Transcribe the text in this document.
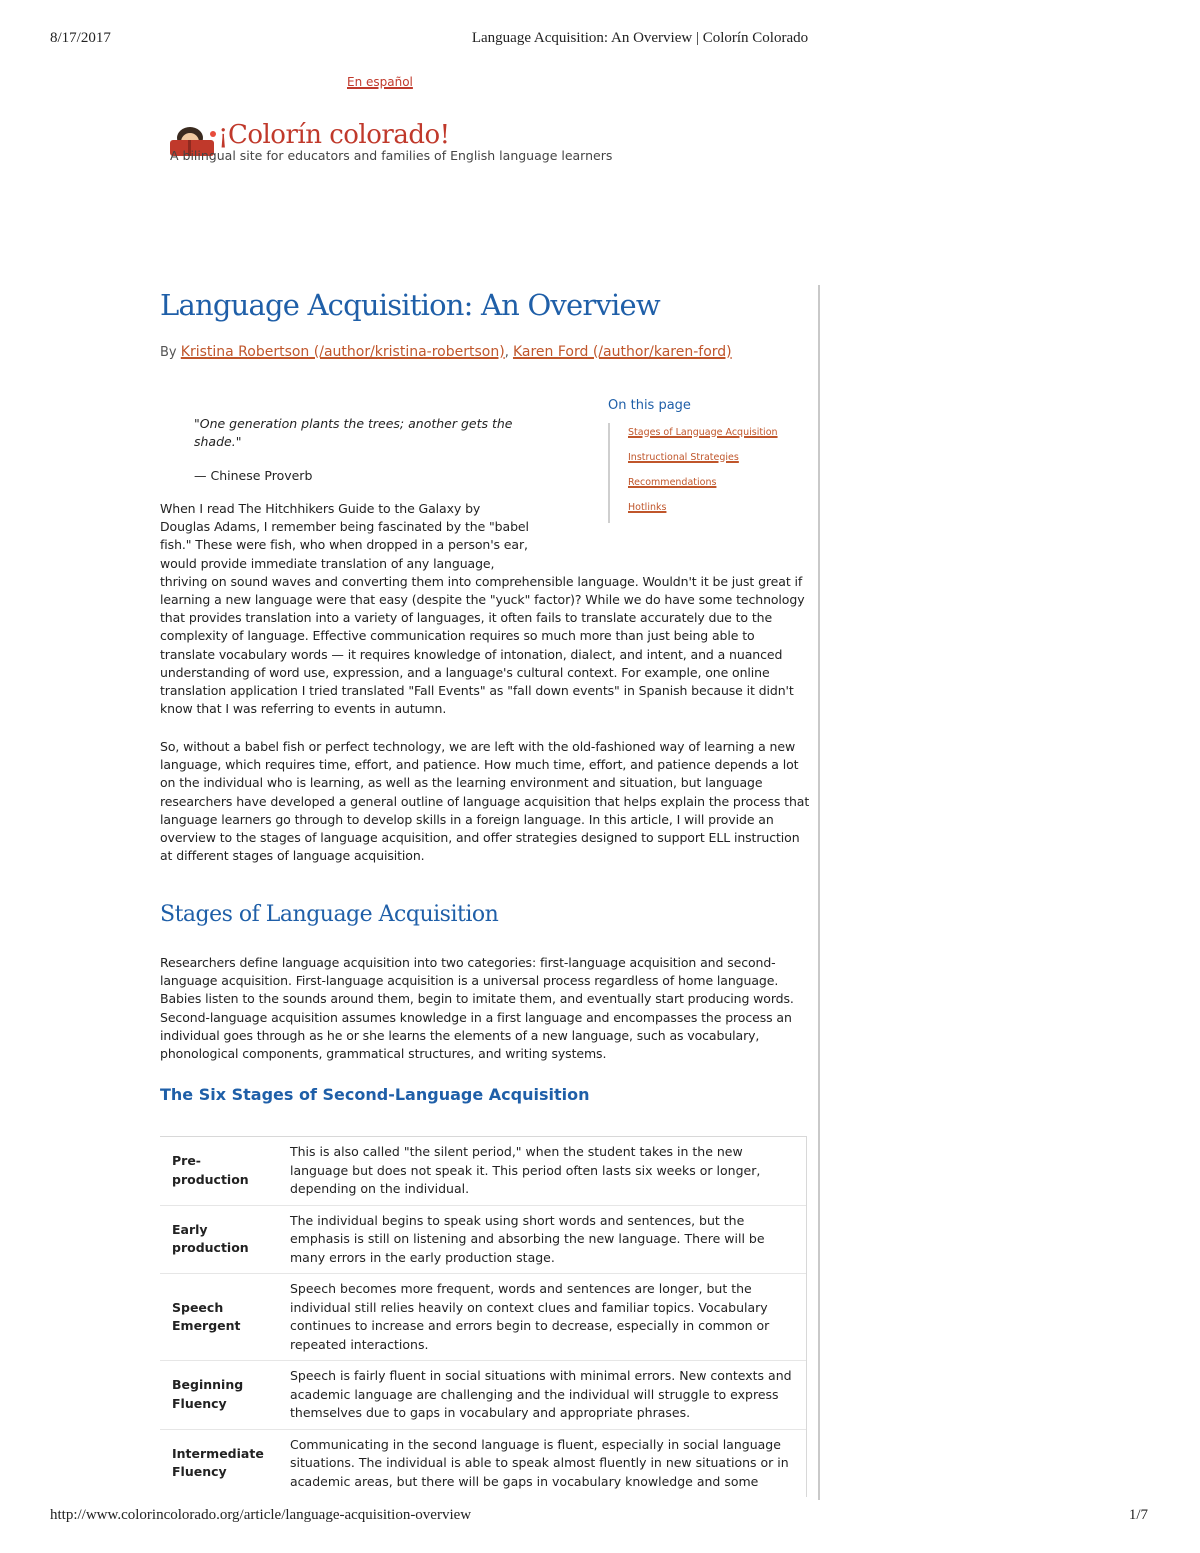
8/17/2017	Language Acquisition: An Overview | Colorín Colorado
En español
¡Colorín colorado!
A bilingual site for educators and families of English language learners
Language Acquisition: An Overview
By Kristina Robertson (/author/kristina-robertson), Karen Ford (/author/karen-ford)
On this page
Stages of Language Acquisition
Instructional Strategies
Recommendations
Hotlinks
"One generation plants the trees; another gets the shade."
— Chinese Proverb
When I read The Hitchhikers Guide to the Galaxy by
Douglas Adams, I remember being fascinated by the "babel
fish." These were fish, who when dropped in a person's ear,
would provide immediate translation of any language,
thriving on sound waves and converting them into comprehensible language. Wouldn't it be just great if learning a new language were that easy (despite the "yuck" factor)? While we do have some technology that provides translation into a variety of languages, it often fails to translate accurately due to the complexity of language. Effective communication requires so much more than just being able to translate vocabulary words — it requires knowledge of intonation, dialect, and intent, and a nuanced understanding of word use, expression, and a language's cultural context. For example, one online translation application I tried translated "Fall Events" as "fall down events" in Spanish because it didn't know that I was referring to events in autumn.
So, without a babel fish or perfect technology, we are left with the old-fashioned way of learning a new language, which requires time, effort, and patience. How much time, effort, and patience depends a lot on the individual who is learning, as well as the learning environment and situation, but language researchers have developed a general outline of language acquisition that helps explain the process that language learners go through to develop skills in a foreign language. In this article, I will provide an overview to the stages of language acquisition, and offer strategies designed to support ELL instruction at different stages of language acquisition.
Stages of Language Acquisition
Researchers define language acquisition into two categories: first-language acquisition and second-language acquisition. First-language acquisition is a universal process regardless of home language. Babies listen to the sounds around them, begin to imitate them, and eventually start producing words. Second-language acquisition assumes knowledge in a first language and encompasses the process an individual goes through as he or she learns the elements of a new language, such as vocabulary, phonological components, grammatical structures, and writing systems.
The Six Stages of Second-Language Acquisition
Pre-production	This is also called "the silent period," when the student takes in the new language but does not speak it. This period often lasts six weeks or longer, depending on the individual.
Early production	The individual begins to speak using short words and sentences, but the emphasis is still on listening and absorbing the new language. There will be many errors in the early production stage.
Speech Emergent	Speech becomes more frequent, words and sentences are longer, but the individual still relies heavily on context clues and familiar topics. Vocabulary continues to increase and errors begin to decrease, especially in common or repeated interactions.
Beginning Fluency	Speech is fairly fluent in social situations with minimal errors. New contexts and academic language are challenging and the individual will struggle to express themselves due to gaps in vocabulary and appropriate phrases.
Intermediate Fluency	Communicating in the second language is fluent, especially in social language situations. The individual is able to speak almost fluently in new situations or in academic areas, but there will be gaps in vocabulary knowledge and some
http://www.colorincolorado.org/article/language-acquisition-overview	1/7
